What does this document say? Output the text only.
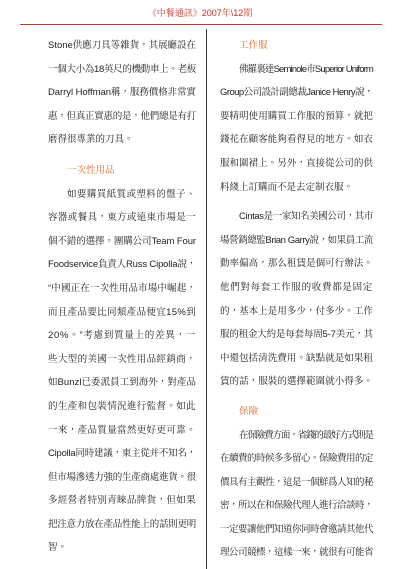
《中餐通訊》2007年\12期
Stone供應刀具等雜貨，其展廳設在
一個大小為18英尺的機動車上。老板
Darryl Hoffman稱，服務價格非常實
惠，但真正實惠的是，他們總是有打
磨得很專業的刀具。
一次性用品
如要購買紙質或塑料的盤子、
容器或餐具，東方或遠東市場是一
個不錯的選擇。團購公司Team Four
Foodservice負責人Russ Cipolla說，
“中國正在一次性用品市場中崛起，
而且產品要比同類產品便宜15%到
20%。”考慮到質量上的差異，一
些大型的美國一次性用品經銷商，
如Bunzl已委派員工到海外，對產品
的生產和包裝情況進行監督。如此
一來，產品質量當然更好更可靠。
Cipolla同時建議，東主從并不知名，
但市場滲透力強的生產商處進貨。很
多經營者特別青睞品牌貨，但如果
把注意力放在產品性能上的話則更明
智。
工作服
佛羅裏達Seminole市Superior Uniform
Group公司設計副總裁Janice Henry說，
要精明使用購買工作服的預算，就把
錢花在顧客能夠看得見的地方。如衣
服和圍裙上。另外，直接從公司的供
料綫上訂購而不是去定制衣服。
Cintas是一家知名美國公司，其市
場營銷總監Brian Garry說，如果員工流
動率偏高，那么租賃是個可行辦法。
他們對每套工作服的收費都是固定
的，基本上是用多少，付多少。工作
服的租金大約是每套每周5-7美元，其
中還包括清洗費用。缺點就是如果租
賃的話，服裝的選擇範圍就小得多。
保險
在保險費方面，省錢的最好方式則是
在續費的時候多多留心。保險費用的定
價具有主觀性，這是一個鮮爲人知的秘
密，所以在和保險代理人進行洽談時，
一定要讓他們知道你同時會邀請其他代
理公司競標，這樣一來，就很有可能省
